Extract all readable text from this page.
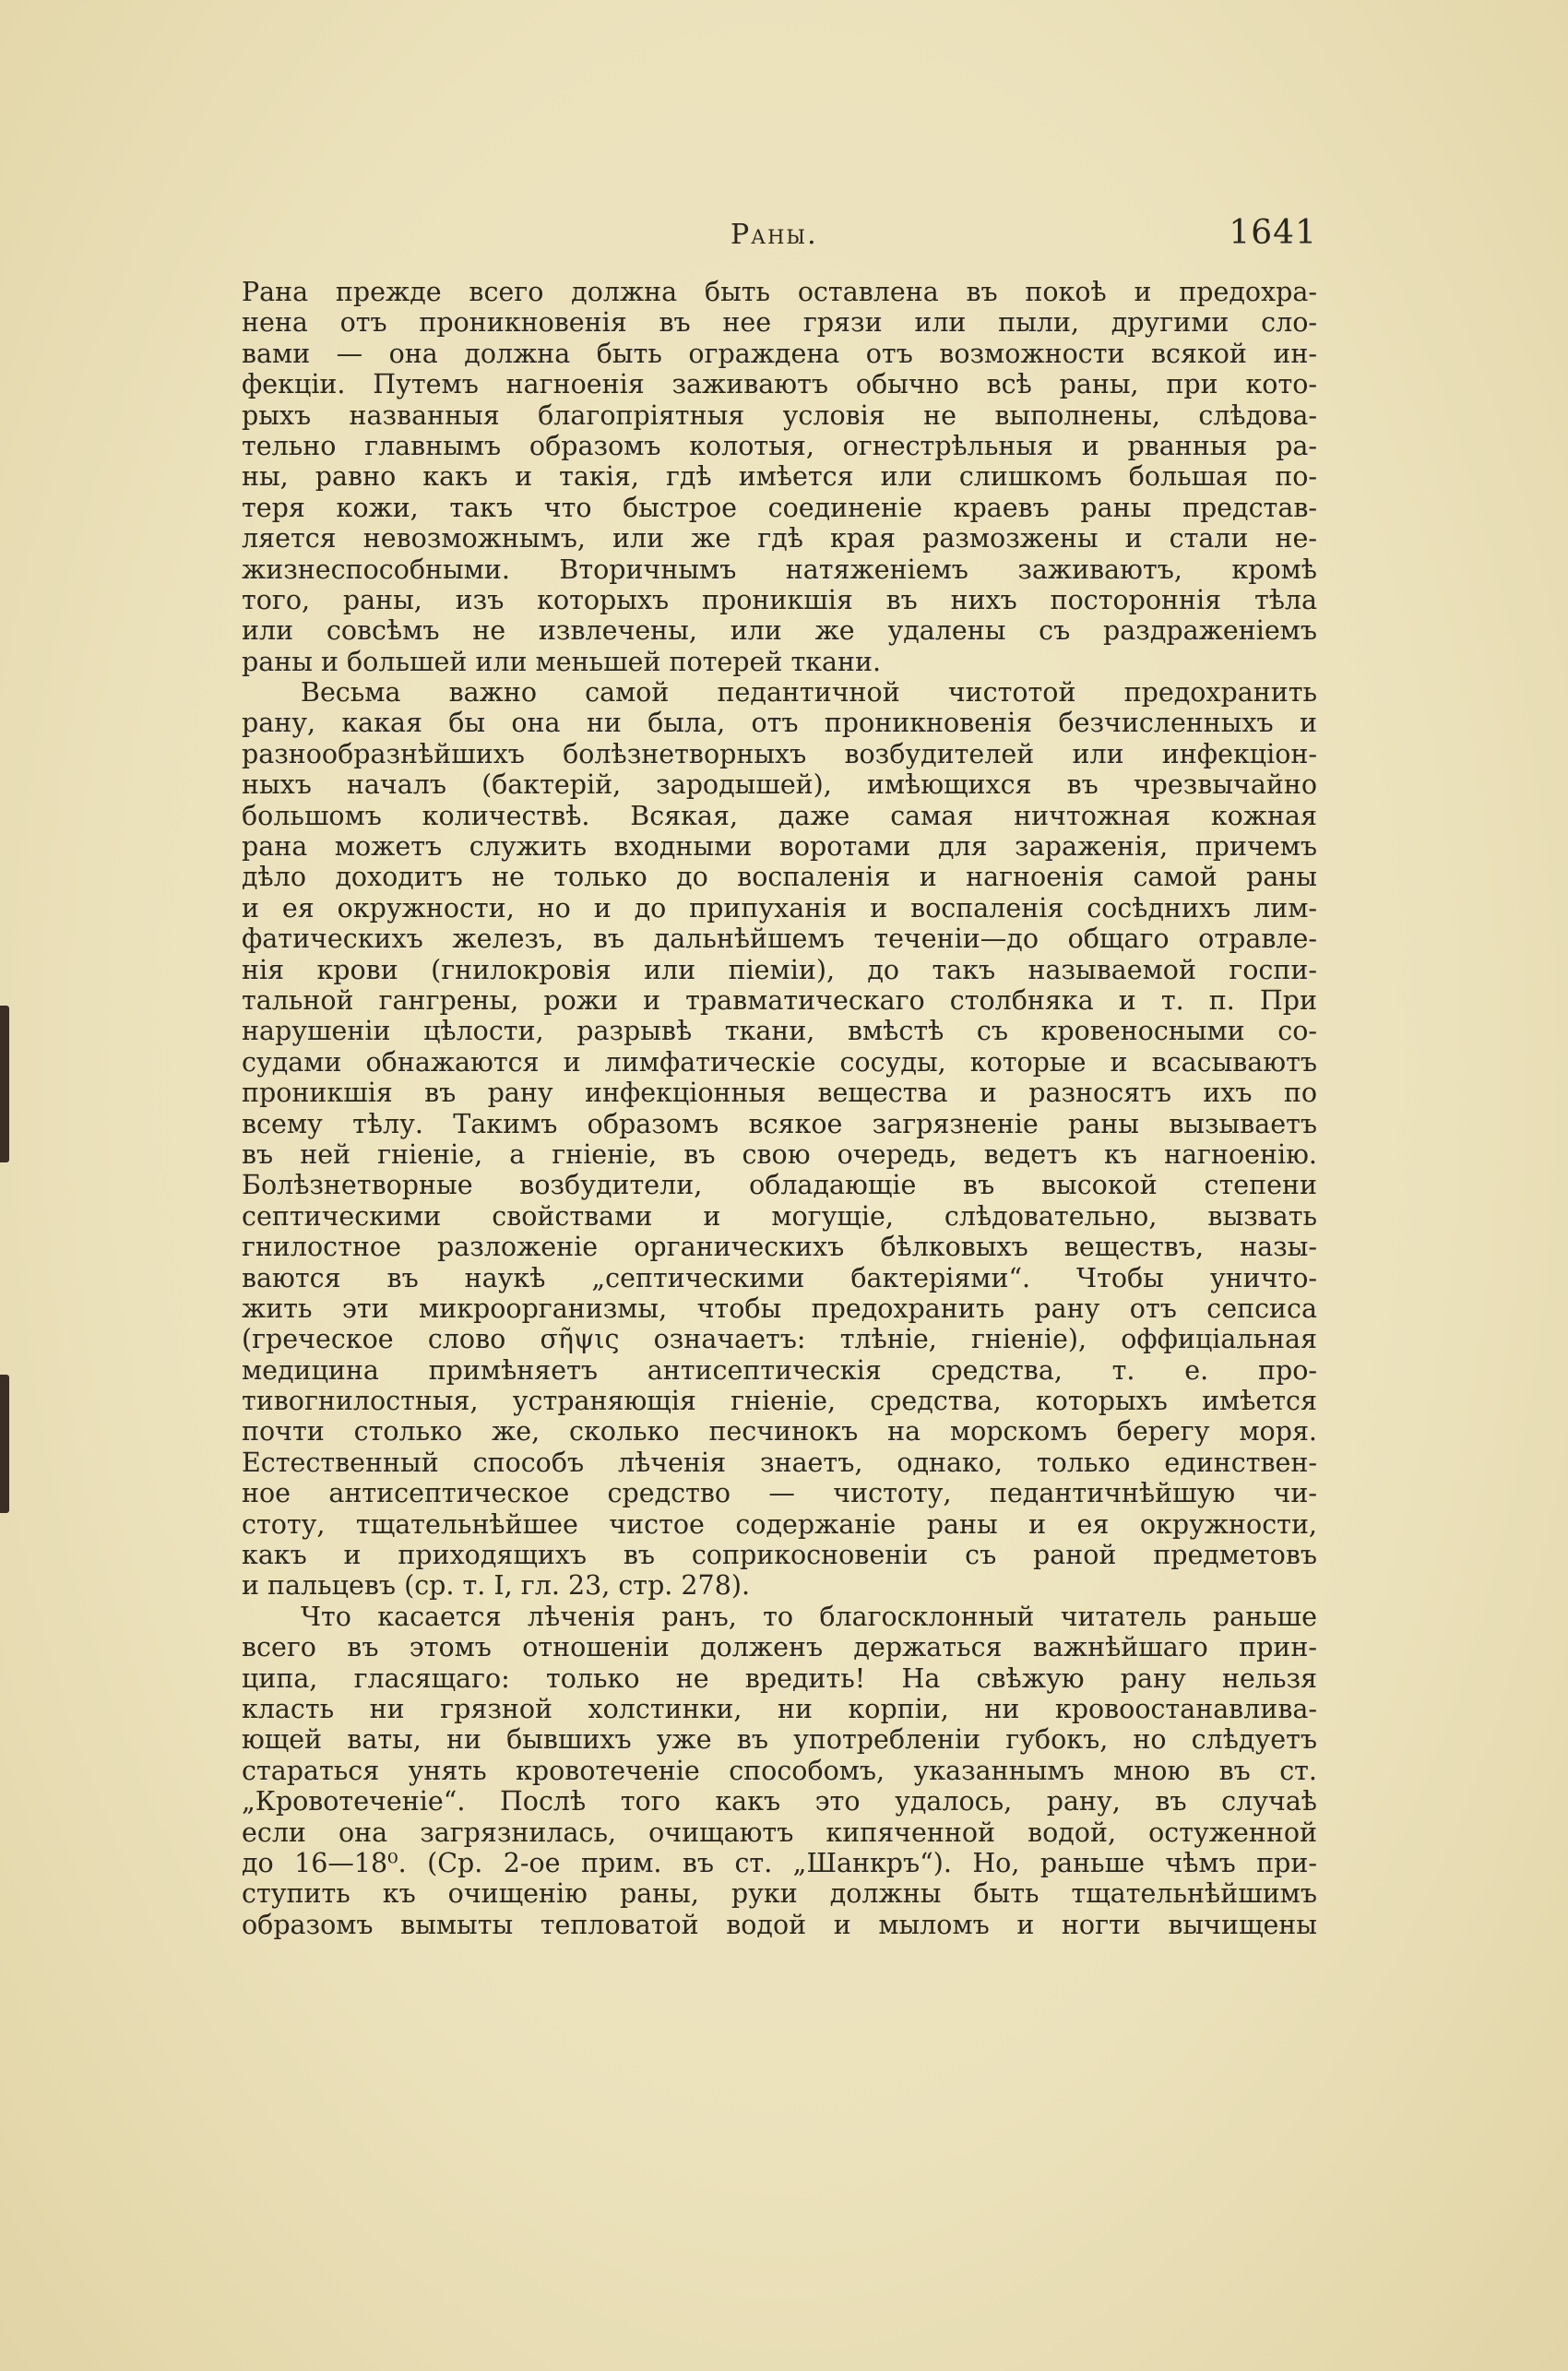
Раны.	1641
Рана прежде всего должна быть оставлена въ покоѣ и предохра-
нена отъ проникновенія въ нее грязи или пыли, другими сло-
вами — она должна быть ограждена отъ возможности всякой ин-
фекціи. Путемъ нагноенія заживаютъ обычно всѣ раны, при кото-
рыхъ названныя благопріятныя условія не выполнены, слѣдова-
тельно главнымъ образомъ колотыя, огнестрѣльныя и рванныя ра-
ны, равно какъ и такія, гдѣ имѣется или слишкомъ большая по-
теря кожи, такъ что быстрое соединеніе краевъ раны представ-
ляется невозможнымъ, или же гдѣ края размозжены и стали не-
жизнеспособными. Вторичнымъ натяженіемъ заживаютъ, кромѣ
того, раны, изъ которыхъ проникшія въ нихъ постороннія тѣла
или совсѣмъ не извлечены, или же удалены съ раздраженіемъ
раны и большей или меньшей потерей ткани.
Весьма важно самой педантичной чистотой предохранить
рану, какая бы она ни была, отъ проникновенія безчисленныхъ и
разнообразнѣйшихъ болѣзнетворныхъ возбудителей или инфекціон-
ныхъ началъ (бактерій, зародышей), имѣющихся въ чрезвычайно
большомъ количествѣ. Всякая, даже самая ничтожная кожная
рана можетъ служить входными воротами для зараженія, причемъ
дѣло доходитъ не только до воспаленія и нагноенія самой раны
и ея окружности, но и до припуханія и воспаленія сосѣднихъ лим-
фатическихъ железъ, въ дальнѣйшемъ теченіи—до общаго отравле-
нія крови (гнилокровія или піеміи), до такъ называемой госпи-
тальной гангрены, рожи и травматическаго столбняка и т. п. При
нарушеніи цѣлости, разрывѣ ткани, вмѣстѣ съ кровеносными со-
судами обнажаются и лимфатическіе сосуды, которые и всасываютъ
проникшія въ рану инфекціонныя вещества и разносятъ ихъ по
всему тѣлу. Такимъ образомъ всякое загрязненіе раны вызываетъ
въ ней гніеніе, а гніеніе, въ свою очередь, ведетъ къ нагноенію.
Болѣзнетворные возбудители, обладающіе въ высокой степени
септическими свойствами и могущіе, слѣдовательно, вызвать
гнилостное разложеніе органическихъ бѣлковыхъ веществъ, назы-
ваются въ наукѣ „септическими бактеріями“. Чтобы уничто-
жить эти микроорганизмы, чтобы предохранить рану отъ сепсиса
(греческое слово σῆψις означаетъ: тлѣніе, гніеніе), оффиціальная
медицина примѣняетъ антисептическія средства, т. е. про-
тивогнилостныя, устраняющія гніеніе, средства, которыхъ имѣется
почти столько же, сколько песчинокъ на морскомъ берегу моря.
Естественный способъ лѣченія знаетъ, однако, только единствен-
ное антисептическое средство — чистоту, педантичнѣйшую чи-
стоту, тщательнѣйшее чистое содержаніе раны и ея окружности,
какъ и приходящихъ въ соприкосновеніи съ раной предметовъ
и пальцевъ (ср. т. I, гл. 23, стр. 278).
Что касается лѣченія ранъ, то благосклонный читатель раньше
всего въ этомъ отношеніи долженъ держаться важнѣйшаго прин-
ципа, гласящаго: только не вредить! На свѣжую рану нельзя
класть ни грязной холстинки, ни корпіи, ни кровоостанавлива-
ющей ваты, ни бывшихъ уже въ употребленіи губокъ, но слѣдуетъ
стараться унять кровотеченіе способомъ, указаннымъ мною въ ст.
„Кровотеченіе“. Послѣ того какъ это удалось, рану, въ случаѣ
если она загрязнилась, очищаютъ кипяченной водой, остуженной
до 16—18⁰. (Ср. 2-ое прим. въ ст. „Шанкръ“). Но, раньше чѣмъ при-
ступить къ очищенію раны, руки должны быть тщательнѣйшимъ
образомъ вымыты тепловатой водой и мыломъ и ногти вычищены
